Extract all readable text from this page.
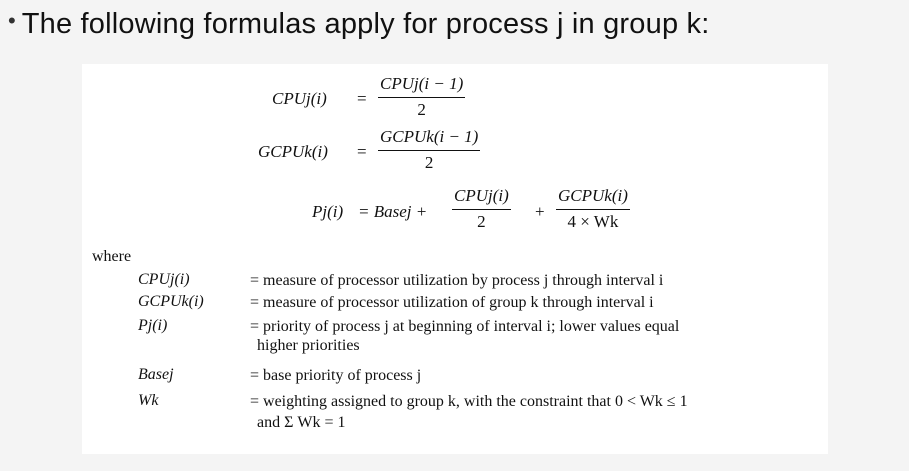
• The following formulas apply for process j in group k:
CPUj(i) =
CPUj(i − 1)
2
GCPUk(i) =
GCPUk(i − 1)
2
Pj(i) = Basej +
CPUj(i)
2
+
GCPUk(i)
4 × Wk
where
CPUj(i)	= measure of processor utilization by process j through interval i
GCPUk(i)	= measure of processor utilization of group k through interval i
Pj(i)	= priority of process j at beginning of interval i; lower values equal
higher priorities
Basej	= base priority of process j
Wk	= weighting assigned to group k, with the constraint that 0 < Wk ≤ 1
and Σ Wk = 1
